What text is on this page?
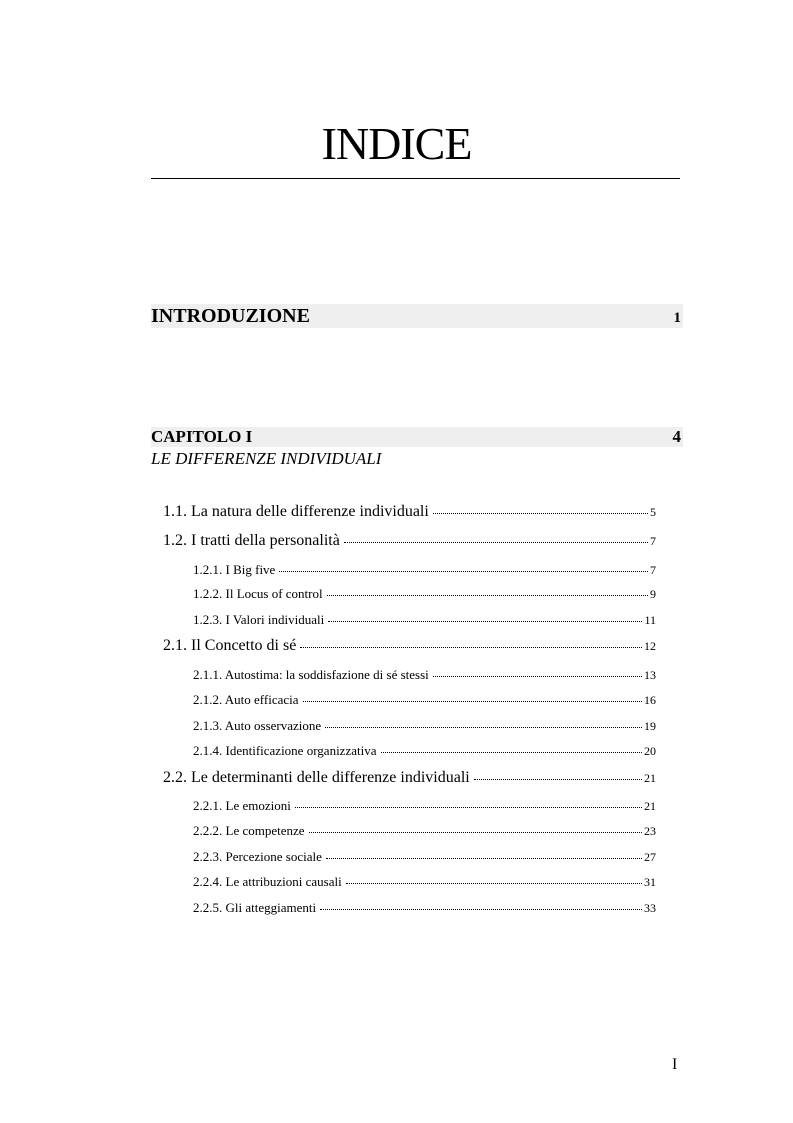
INDICE
INTRODUZIONE	1
CAPITOLO I	4
LE DIFFERENZE INDIVIDUALI
1.1. La natura delle differenze individuali	5
1.2. I tratti della personalità	7
1.2.1. I Big five	7
1.2.2. Il Locus of control	9
1.2.3. I Valori individuali	11
2.1. Il Concetto di sé	12
2.1.1. Autostima: la soddisfazione di sé stessi	13
2.1.2. Auto efficacia	16
2.1.3. Auto osservazione	19
2.1.4. Identificazione organizzativa	20
2.2. Le determinanti delle differenze individuali	21
2.2.1. Le emozioni	21
2.2.2. Le competenze	23
2.2.3. Percezione sociale	27
2.2.4. Le attribuzioni causali	31
2.2.5. Gli atteggiamenti	33
I
